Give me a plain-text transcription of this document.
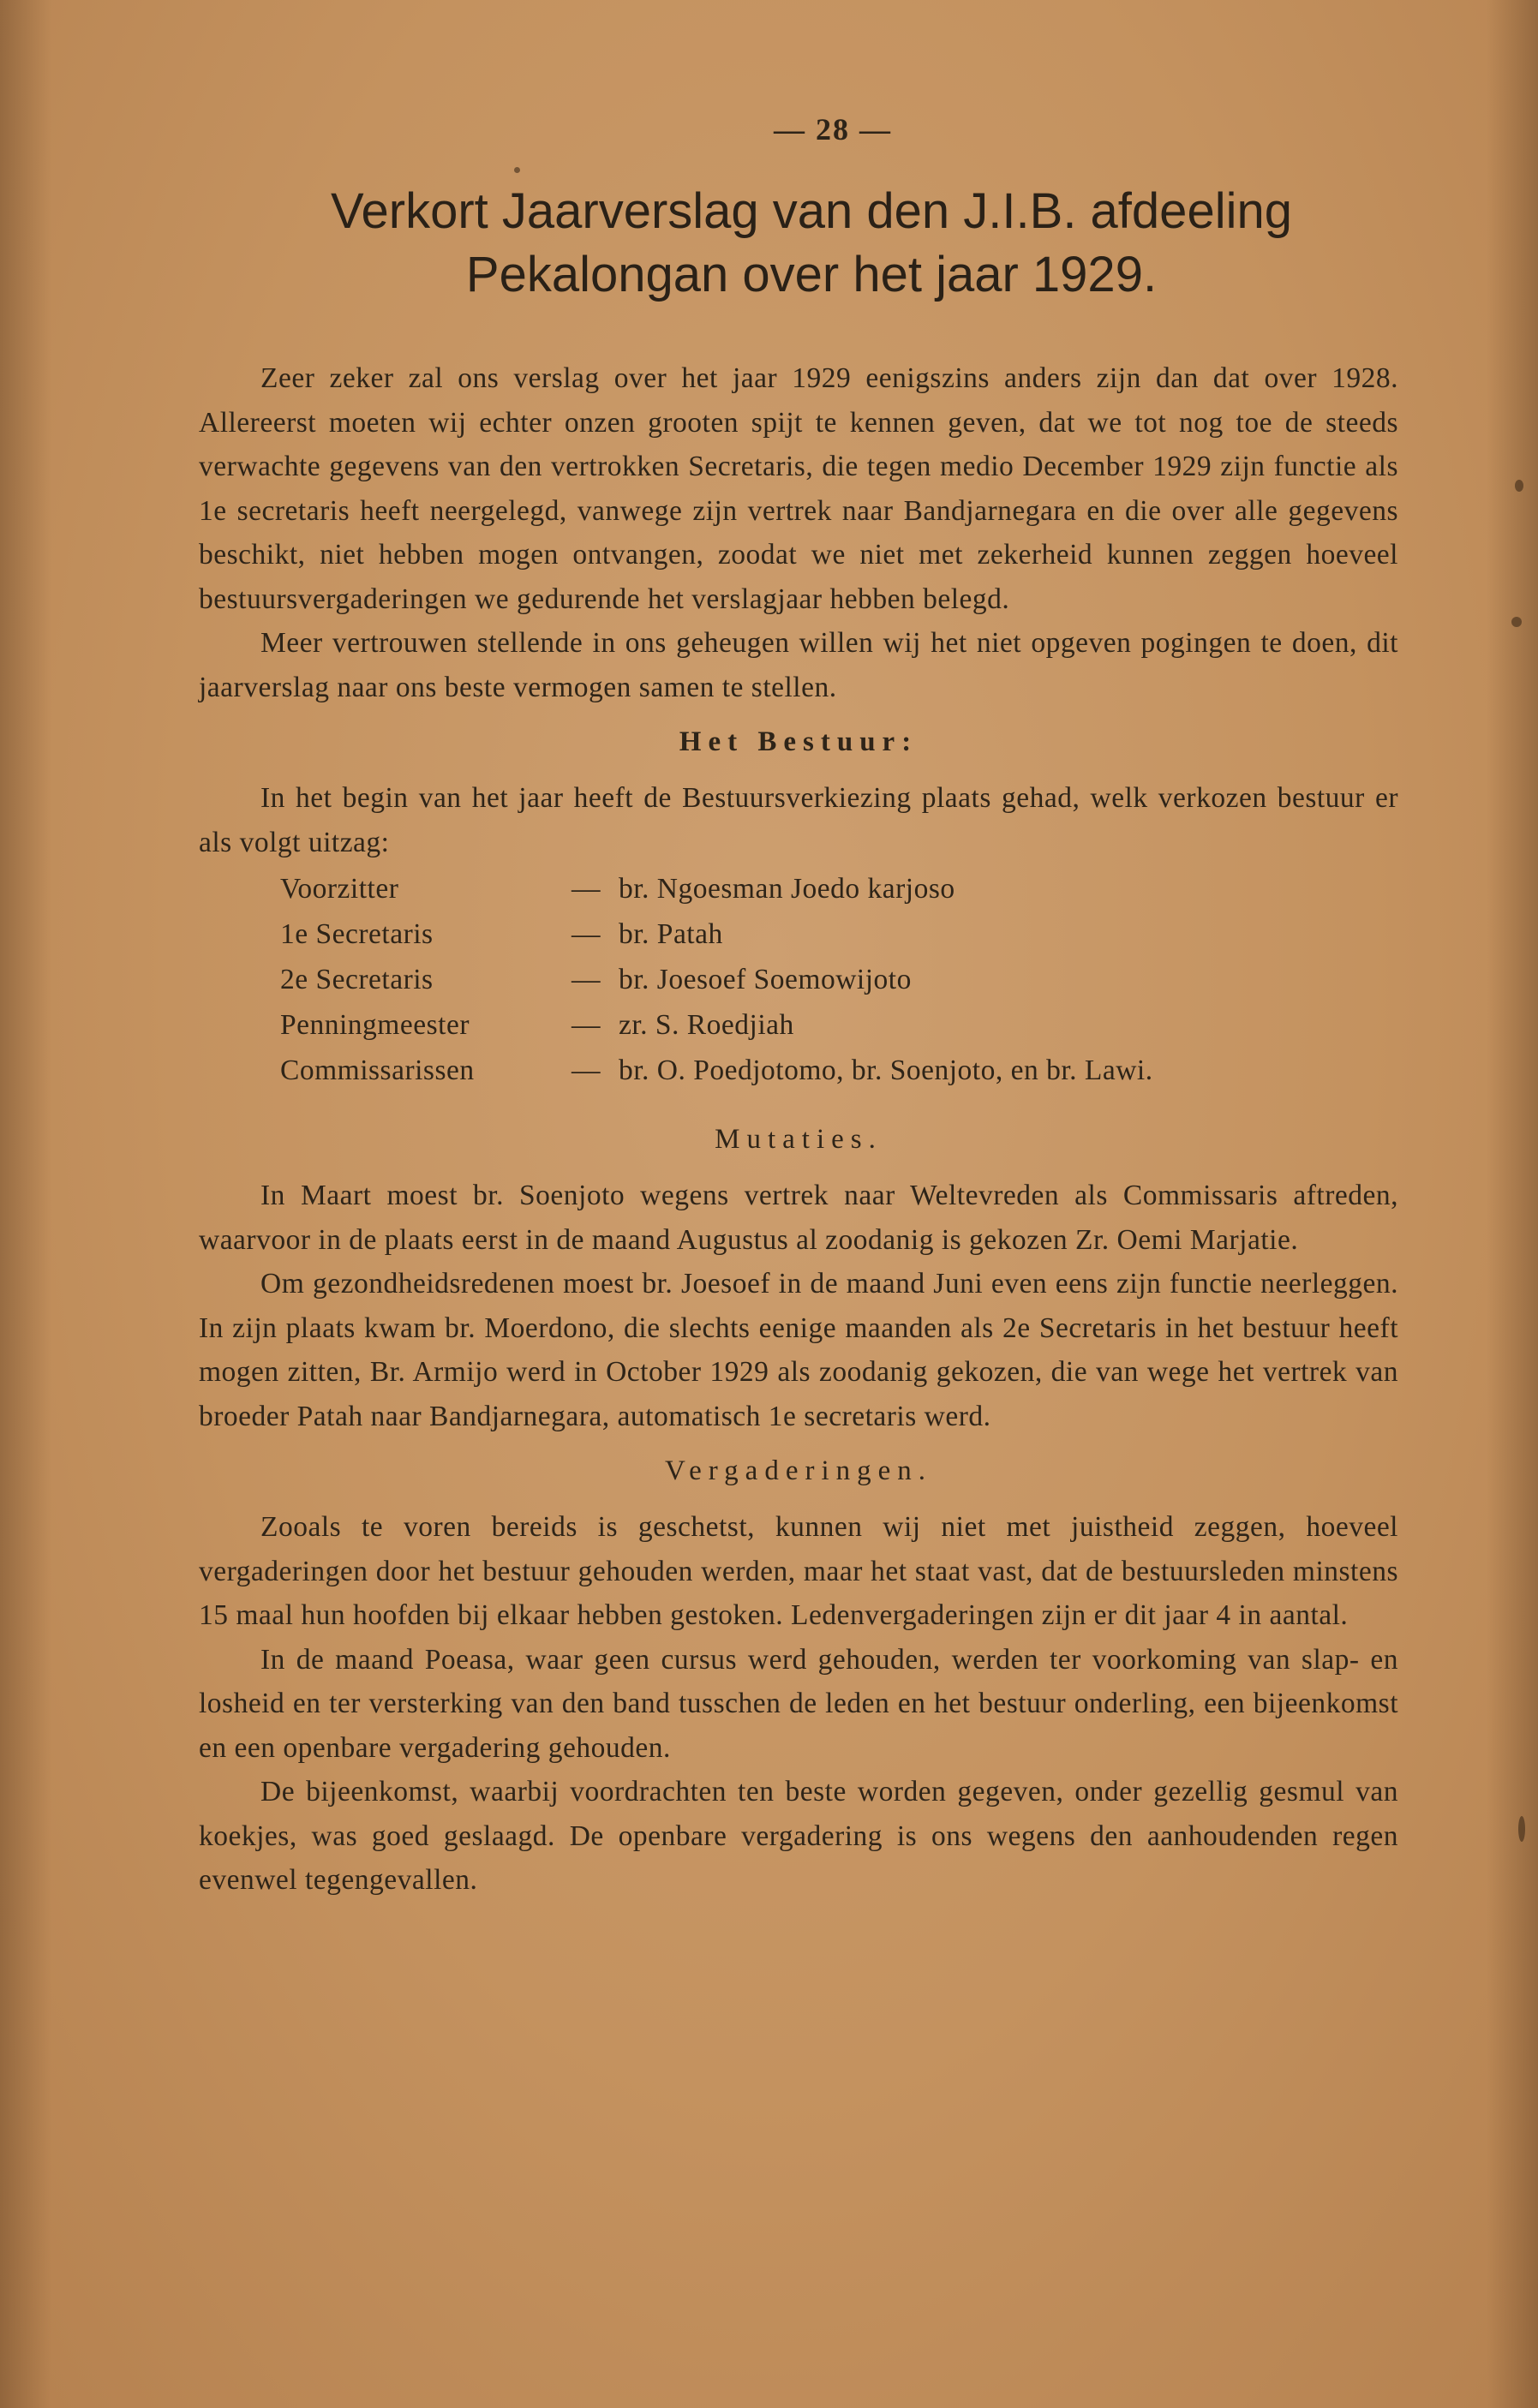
— 28 —
Verkort Jaarverslag van den J.I.B. afdeeling
Pekalongan over het jaar 1929.

Zeer zeker zal ons verslag over het jaar 1929 eenigszins anders zijn dan dat over 1928. Allereerst moeten wij echter onzen grooten spijt te kennen geven, dat we tot nog toe de steeds verwachte gegevens van den vertrokken Secretaris, die tegen medio December 1929 zijn functie als 1e secretaris heeft neergelegd, vanwege zijn vertrek naar Bandjarnegara en die over alle gegevens beschikt, niet hebben mogen ontvangen, zoodat we niet met zekerheid kunnen zeggen hoeveel bestuursvergaderingen we gedurende het verslagjaar hebben belegd.

Meer vertrouwen stellende in ons geheugen willen wij het niet opgeven pogingen te doen, dit jaarverslag naar ons beste vermogen samen te stellen.

Het Bestuur:

In het begin van het jaar heeft de Bestuursverkiezing plaats gehad, welk verkozen bestuur er als volgt uitzag:

Voorzitter	— br. Ngoesman Joedo karjoso
1e Secretaris	— br. Patah
2e Secretaris	— br. Joesoef Soemowijoto
Penningmeester	— zr. S. Roedjiah
Commissarissen	— br. O. Poedjotomo, br. Soenjoto, en br. Lawi.
Mutaties.

In Maart moest br. Soenjoto wegens vertrek naar Weltevreden als Commissaris aftreden, waarvoor in de plaats eerst in de maand Augustus al zoodanig is gekozen Zr. Oemi Marjatie.

Om gezondheidsredenen moest br. Joesoef in de maand Juni even eens zijn functie neerleggen. In zijn plaats kwam br. Moerdono, die slechts eenige maanden als 2e Secretaris in het bestuur heeft mogen zitten, Br. Armijo werd in October 1929 als zoodanig gekozen, die van wege het vertrek van broeder Patah naar Bandjarnegara, automatisch 1e secretaris werd.

Vergaderingen.

Zooals te voren bereids is geschetst, kunnen wij niet met juistheid zeggen, hoeveel vergaderingen door het bestuur gehouden werden, maar het staat vast, dat de bestuursleden minstens 15 maal hun hoofden bij elkaar hebben gestoken. Ledenvergaderingen zijn er dit jaar 4 in aantal.

In de maand Poeasa, waar geen cursus werd gehouden, werden ter voorkoming van slap- en losheid en ter versterking van den band tusschen de leden en het bestuur onderling, een bijeenkomst en een openbare vergadering gehouden.

De bijeenkomst, waarbij voordrachten ten beste worden gegeven, onder gezellig gesmul van koekjes, was goed geslaagd. De openbare vergadering is ons wegens den aanhoudenden regen evenwel tegengevallen.
